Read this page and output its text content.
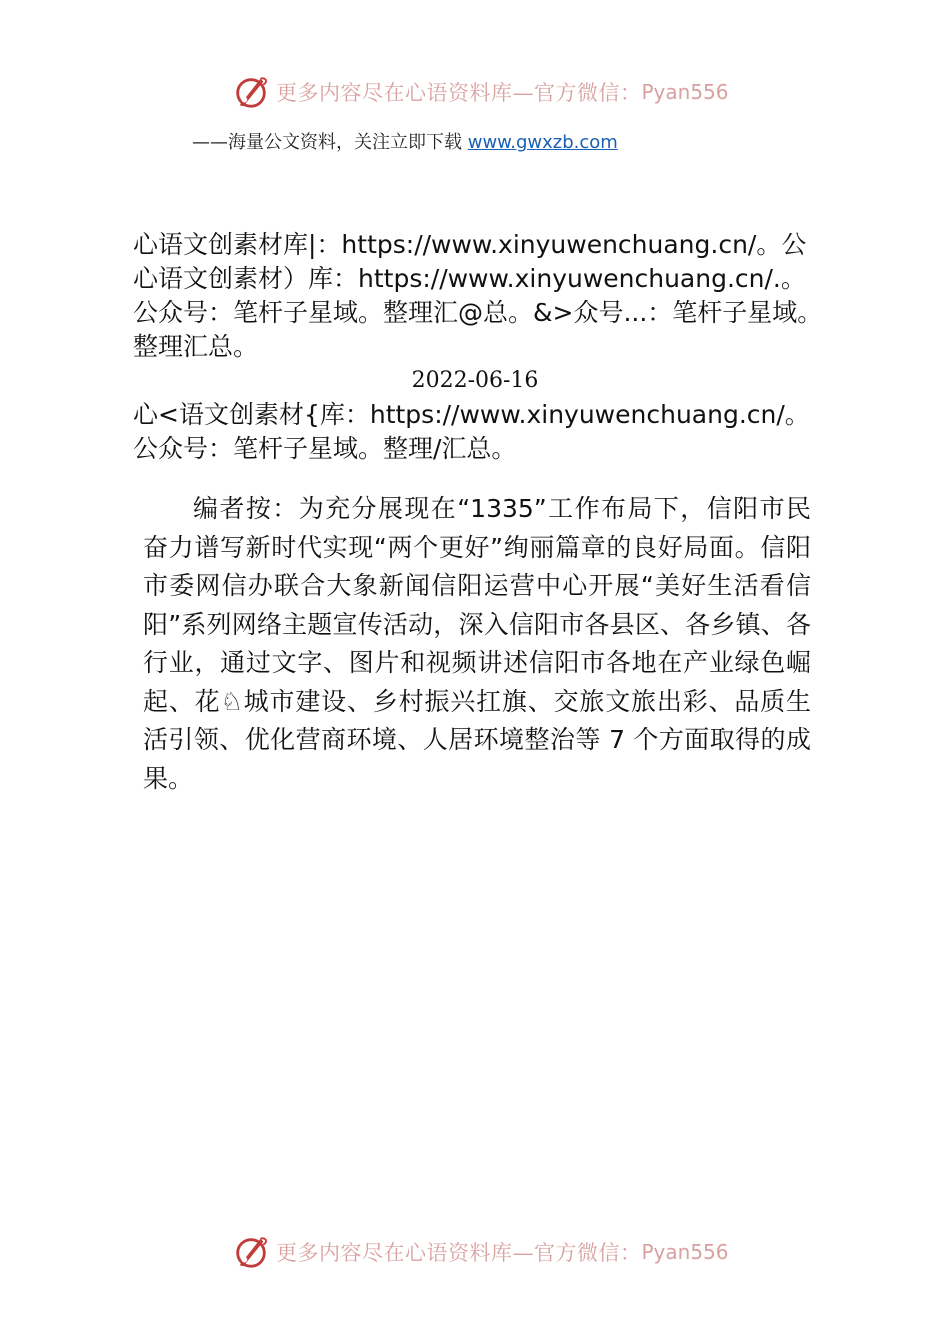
更多内容尽在心语资料库—官方微信： Pyan556
——海量公文资料，关注立即下载 www.gwxzb.com

心语文创素材库|：https://www.xinyuwenchuang.cn/。公

心语文创素材）库：https://www.xinyuwenchuang.cn/.。

公众号：笔杆子星域。整理汇@总。&>众号...：笔杆子星域。

整理汇总。

2022-06-16

心<语文创素材{库：https://www.xinyuwenchuang.cn/。

公众号：笔杆子星域。整理/汇总。

编者按：为充分展现在“1335”工作布局下，信阳市民 奋力谱写新时代实现“两个更好”绚丽篇章的良好局面。信阳市委网信办联合大象新闻信阳运营中心开展“美好生活看信阳”系列网络主题宣传活动，深入信阳市各县区、各乡镇、各行业，通过文字、图片和视频讲述信阳市各地在产业绿色崛起、花♘城市建设、乡村振兴扛旗、交旅文旅出彩、品质生活引领、优化营商环境、人居环境整治等 7 个方面取得的成果。

更多内容尽在心语资料库—官方微信： Pyan556
